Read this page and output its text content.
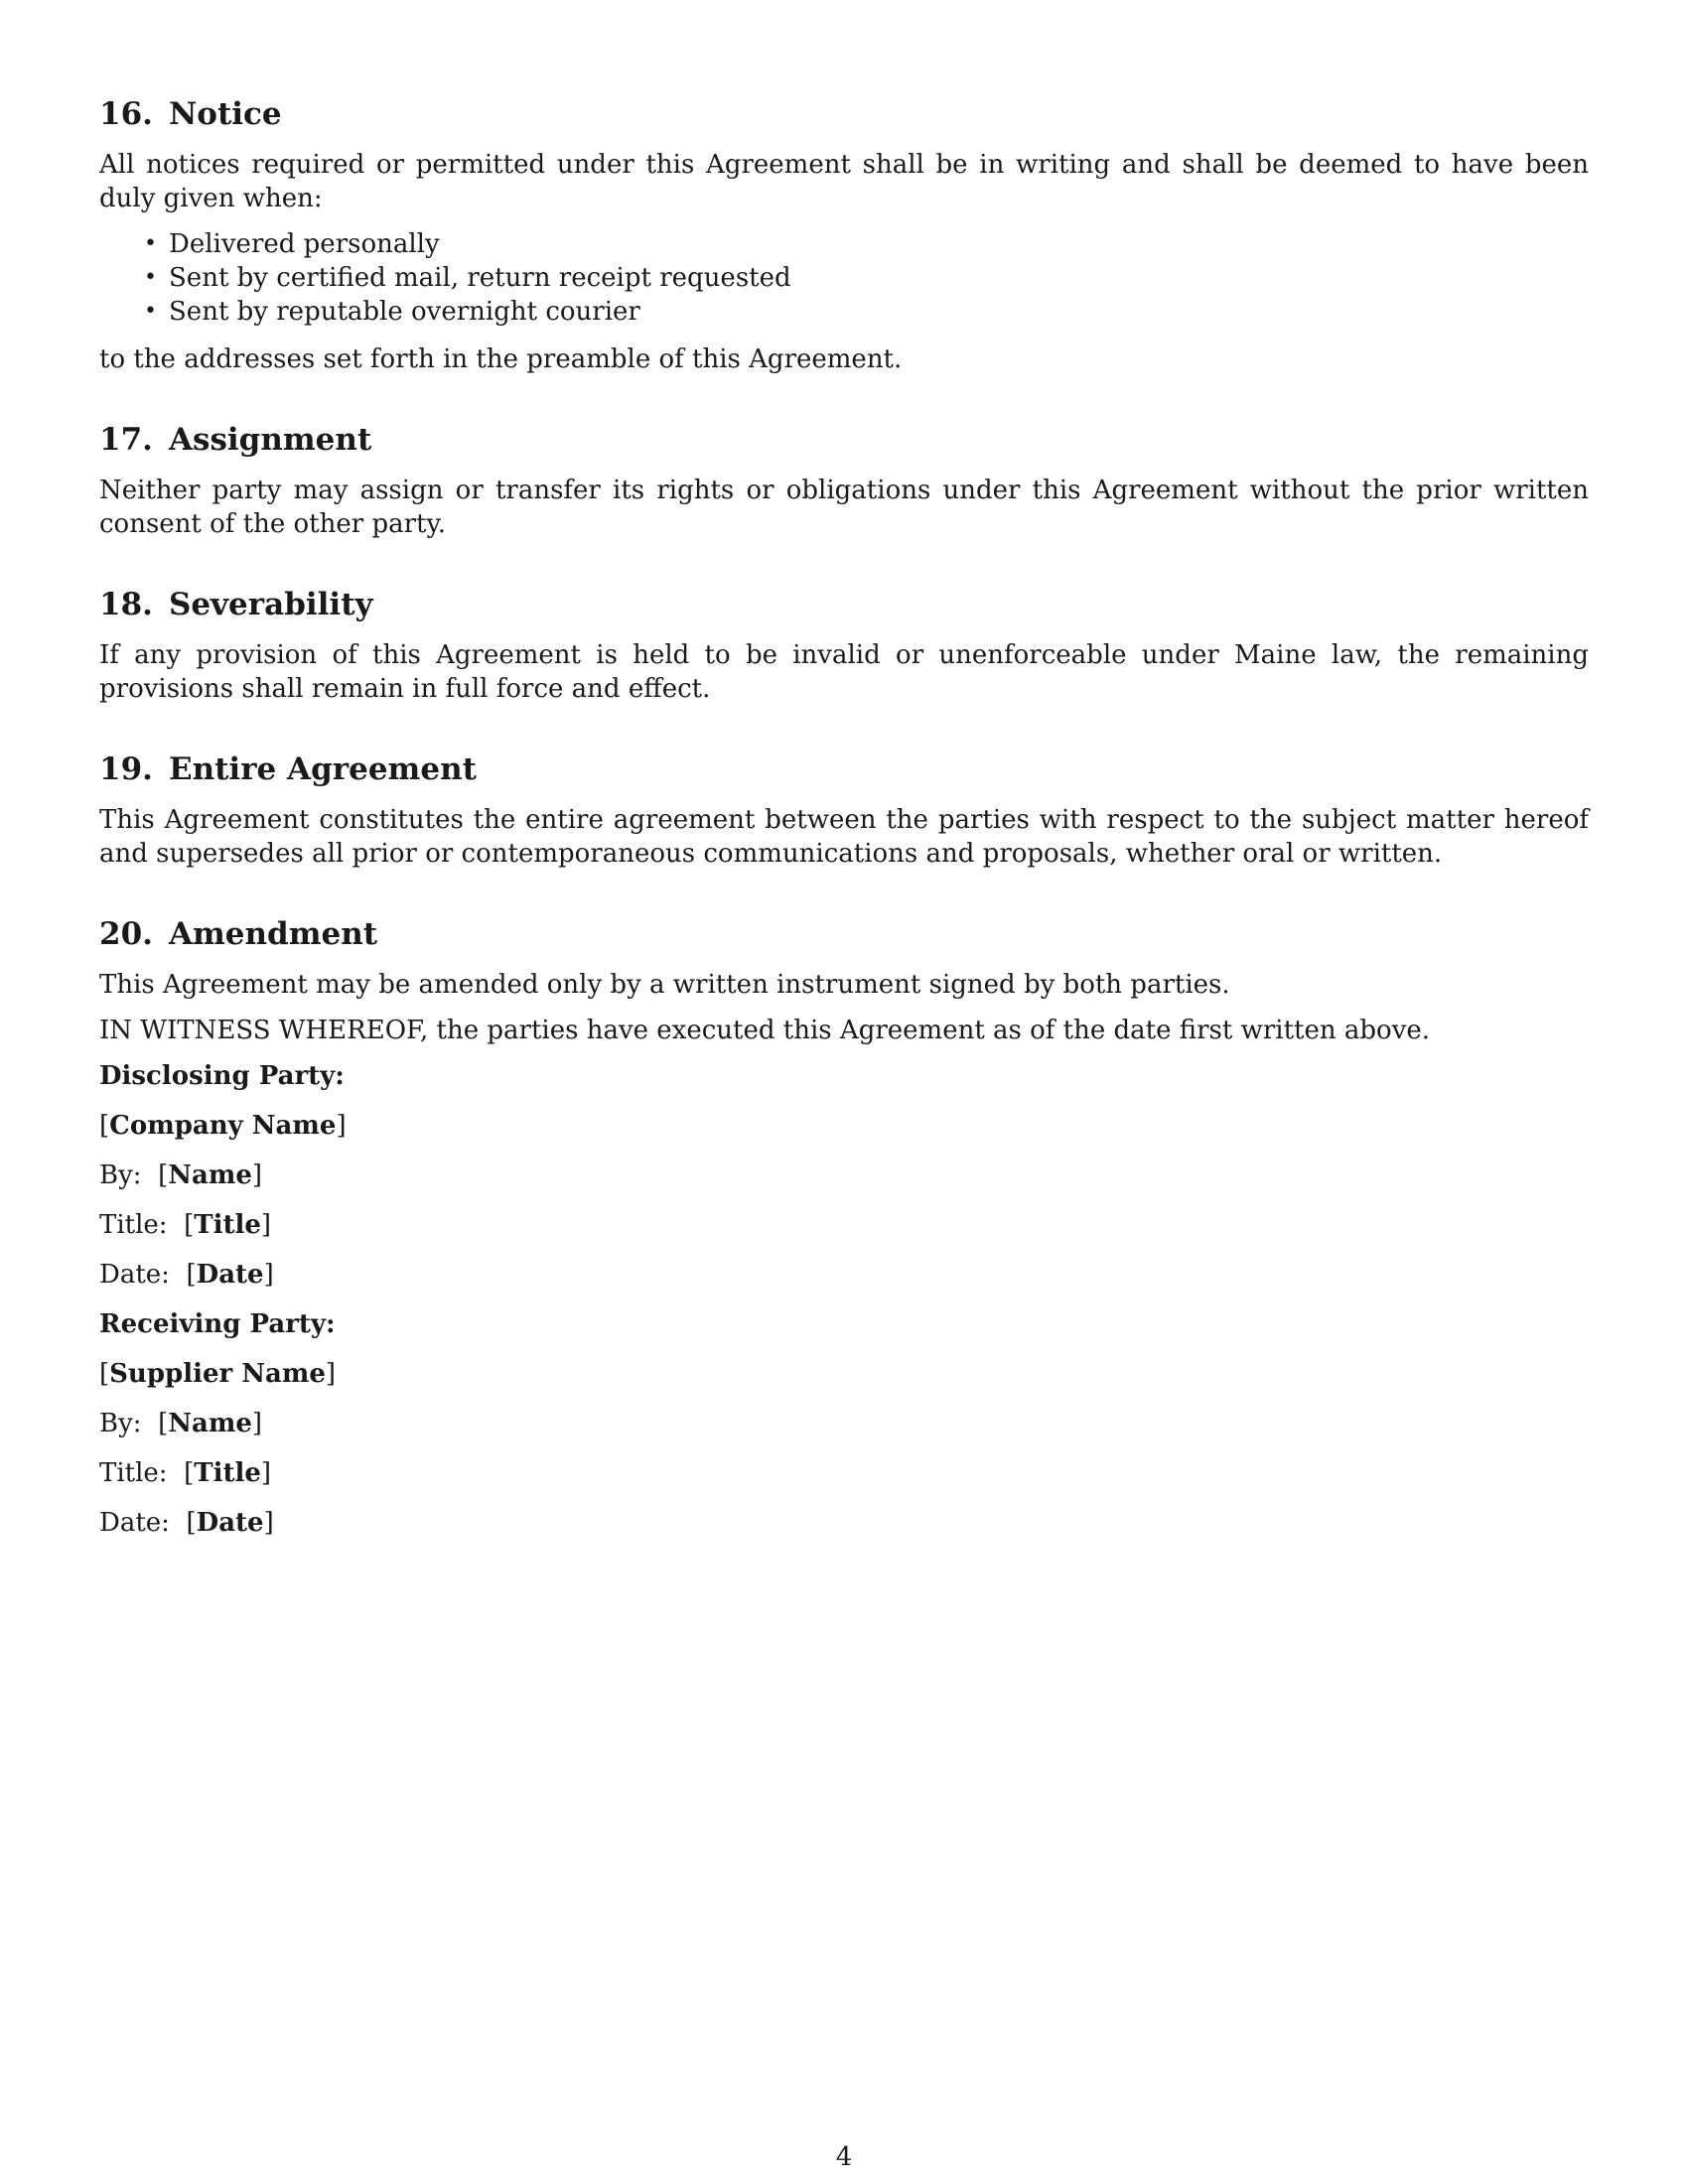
16. Notice

All notices required or permitted under this Agreement shall be in writing and shall be deemed to have been duly given when:

• Delivered personally
• Sent by certified mail, return receipt requested
• Sent by reputable overnight courier

to the addresses set forth in the preamble of this Agreement.

17. Assignment

Neither party may assign or transfer its rights or obligations under this Agreement without the prior written consent of the other party.

18. Severability

If any provision of this Agreement is held to be invalid or unenforceable under Maine law, the remaining provisions shall remain in full force and effect.

19. Entire Agreement

This Agreement constitutes the entire agreement between the parties with respect to the subject matter hereof and supersedes all prior or contemporaneous communications and proposals, whether oral or written.

20. Amendment

This Agreement may be amended only by a written instrument signed by both parties.

IN WITNESS WHEREOF, the parties have executed this Agreement as of the date first written above.

Disclosing Party:

[Company Name]

By: [Name]

Title: [Title]

Date: [Date]

Receiving Party:

[Supplier Name]

By: [Name]

Title: [Title]

Date: [Date]

4
